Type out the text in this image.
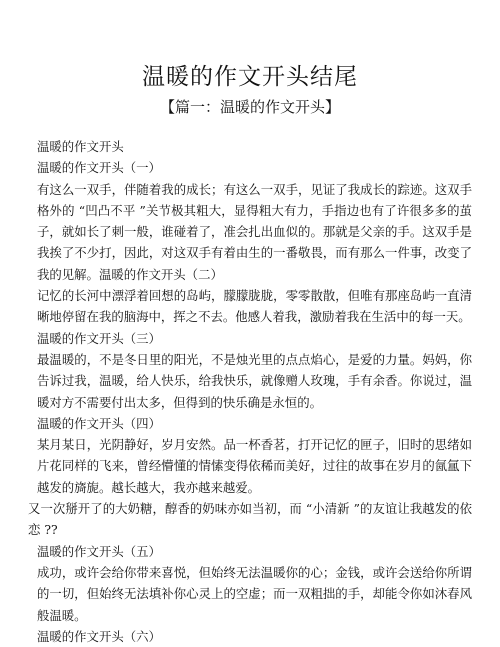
温暖的作文开头结尾
【篇一：温暖的作文开头】

温暖的作文开头

温暖的作文开头（一）

有这么一双手，伴随着我的成长；有这么一双手，见证了我成长的踪迹。这双手格外的 “凹凸不平 ”关节极其粗大，显得粗大有力，手指边也有了许很多多的茧子，就如长了刺一般，谁碰着了，准会扎出血似的。那就是父亲的手。这双手是我挨了不少打，因此，对这双手有着由生的一番敬畏，而有那么一件事，改变了我的见解。温暖的作文开头（二）

记忆的长河中漂浮着回想的岛屿，朦朦胧胧，零零散散，但唯有那座岛屿一直清晰地停留在我的脑海中，挥之不去。他感人着我，激励着我在生活中的每一天。

温暖的作文开头（三）

最温暖的，不是冬日里的阳光，不是烛光里的点点焰心，是爱的力量。妈妈，你告诉过我，温暖，给人快乐，给我快乐，就像赠人玫瑰，手有余香。你说过，温暖对方不需要付出太多，但得到的快乐确是永恒的。

温暖的作文开头（四）

某月某日，光阴静好，岁月安然。品一杯香茗，打开记忆的匣子，旧时的思绪如片花同样的飞来，曾经懵懂的情愫变得依稀而美好，过往的故事在岁月的氤氲下越发的旖旎。越长越大，我亦越来越爱。

又一次掰开了的大奶糖，醇香的奶味亦如当初，而 “小清新 ”的友谊让我越发的依恋 ??

温暖的作文开头（五）

成功，或许会给你带来喜悦，但始终无法温暖你的心；金钱，或许会送给你所谓的一切，但始终无法填补你心灵上的空虚；而一双粗拙的手，却能令你如沐春风般温暖。

温暖的作文开头（六）
